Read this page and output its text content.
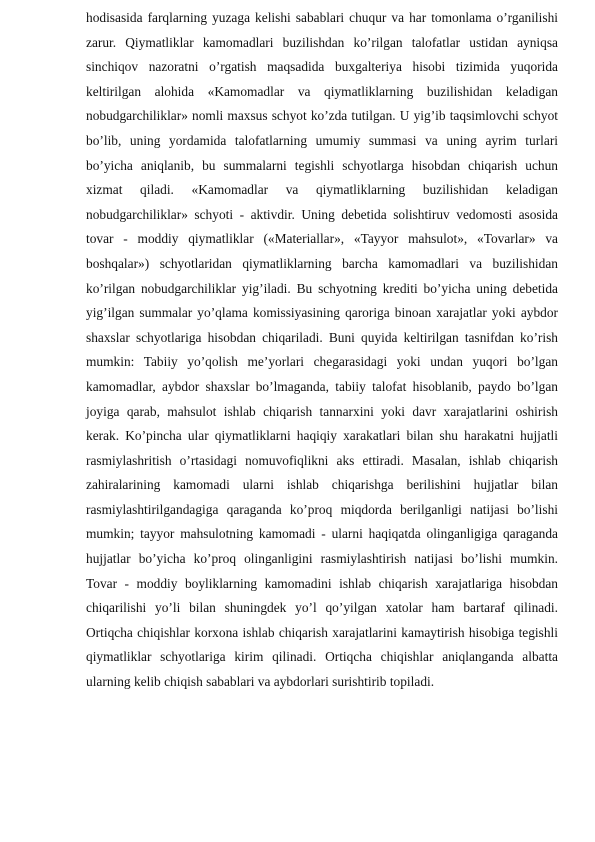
hodisasida farqlarning yuzaga kelishi sabablari chuqur va har tomonlama o’rganilishi zarur. Qiymatliklar kamomadlari buzilishdan ko’rilgan talofatlar ustidan ayniqsa sinchiqov nazoratni o’rgatish maqsadida buxgalteriya hisobi tizimida yuqorida keltirilgan alohida «Kamomadlar va qiymatliklarning buzilishidan keladigan nobudgarchiliklar» nomli maxsus schyot ko’zda tutilgan. U yig’ib taqsimlovchi schyot bo’lib, uning yordamida talofatlarning umumiy summasi va uning ayrim turlari bo’yicha aniqlanib, bu summalarni tegishli schyotlarga hisobdan chiqarish uchun xizmat qiladi. «Kamomadlar va qiymatliklarning buzilishidan keladigan nobudgarchiliklar» schyoti - aktivdir. Uning debetida solishtiruv vedomosti asosida tovar - moddiy qiymatliklar («Materiallar», «Tayyor mahsulot», «Tovarlar» va boshqalar») schyotlaridan qiymatliklarning barcha kamomadlari va buzilishidan ko’rilgan nobudgarchiliklar yig’iladi. Bu schyotning krediti bo’yicha uning debetida yig’ilgan summalar yo’qlama komissiyasining qaroriga binoan xarajatlar yoki aybdor shaxslar schyotlariga hisobdan chiqariladi. Buni quyida keltirilgan tasnifdan ko’rish mumkin: Tabiiy yo’qolish me’yorlari chegarasidagi yoki undan yuqori bo’lgan kamomadlar, aybdor shaxslar bo’lmaganda, tabiiy talofat hisoblanib, paydo bo’lgan joyiga qarab, mahsulot ishlab chiqarish tannarxini yoki davr xarajatlarini oshirish kerak. Ko’pincha ular qiymatliklarni haqiqiy xarakatlari bilan shu harakatni hujjatli rasmiylashritish o’rtasidagi nomuvofiqlikni aks ettiradi. Masalan, ishlab chiqarish zahiralarining kamomadi ularni ishlab chiqarishga berilishini hujjatlar bilan rasmiylashtirilgandagiga qaraganda ko’proq miqdorda berilganligi natijasi bo’lishi mumkin; tayyor mahsulotning kamomadi - ularni haqiqatda olinganligiga qaraganda hujjatlar bo’yicha ko’proq olinganligini rasmiylashtirish natijasi bo’lishi mumkin. Tovar - moddiy boyliklarning kamomadini ishlab chiqarish xarajatlariga hisobdan chiqarilishi yo’li bilan shuningdek yo’l qo’yilgan xatolar ham bartaraf qilinadi. Ortiqcha chiqishlar korxona ishlab chiqarish xarajatlarini kamaytirish hisobiga tegishli qiymatliklar schyotlariga kirim qilinadi. Ortiqcha chiqishlar aniqlanganda albatta ularning kelib chiqish sabablari va aybdorlari surishtirib topiladi.
